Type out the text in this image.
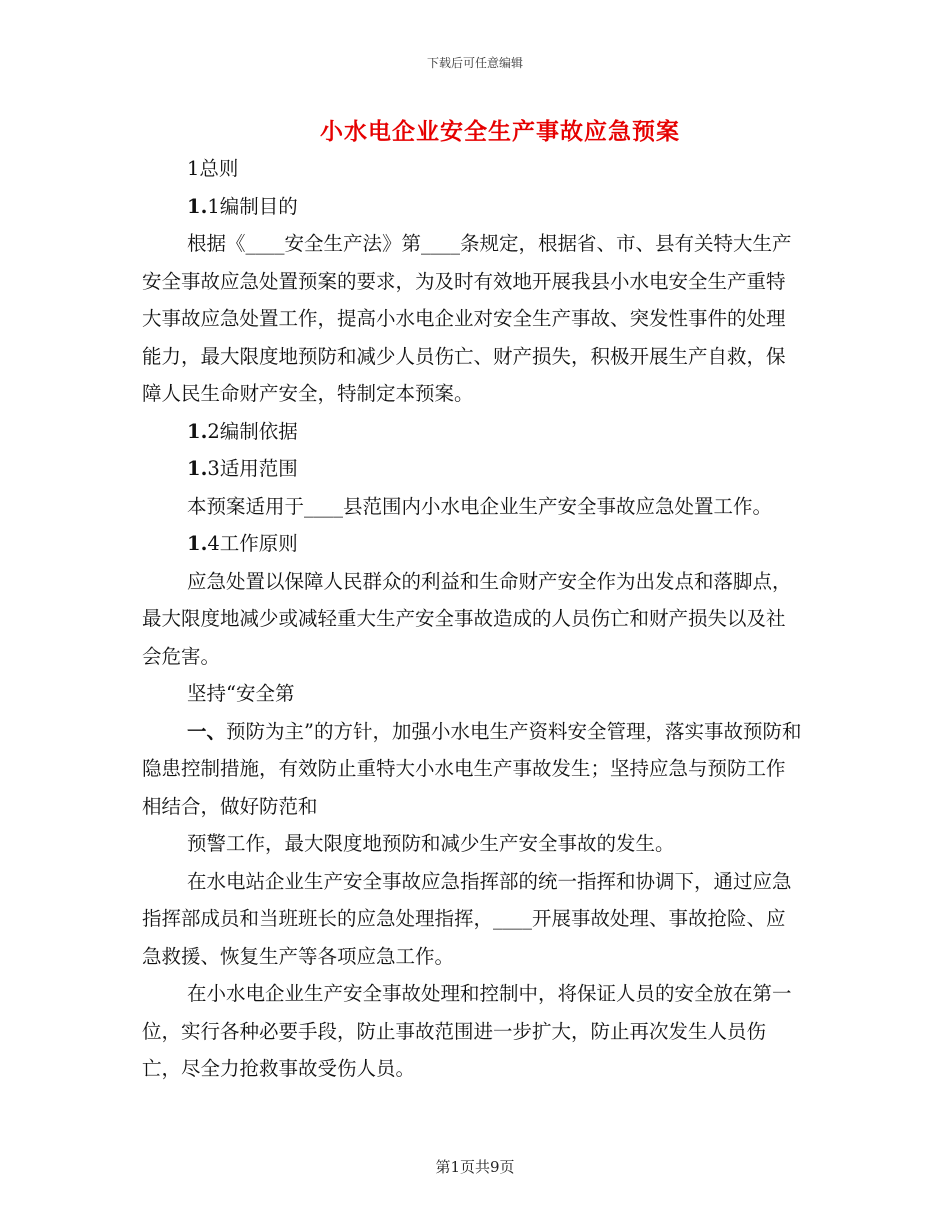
下载后可任意编辑
小水电企业安全生产事故应急预案

1总则

1.1编制目的

根据《____安全生产法》第____条规定，根据省、市、县有关特大生产安全事故应急处置预案的要求，为及时有效地开展我县小水电安全生产重特大事故应急处置工作，提高小水电企业对安全生产事故、突发性事件的处理能力，最大限度地预防和减少人员伤亡、财产损失，积极开展生产自救，保障人民生命财产安全，特制定本预案。

1.2编制依据

1.3适用范围

本预案适用于____县范围内小水电企业生产安全事故应急处置工作。

1.4工作原则

应急处置以保障人民群众的利益和生命财产安全作为出发点和落脚点，最大限度地减少或减轻重大生产安全事故造成的人员伤亡和财产损失以及社会危害。

坚持“安全第

一、预防为主”的方针，加强小水电生产资料安全管理，落实事故预防和隐患控制措施，有效防止重特大小水电生产事故发生；坚持应急与预防工作相结合，做好防范和

预警工作，最大限度地预防和减少生产安全事故的发生。

在水电站企业生产安全事故应急指挥部的统一指挥和协调下，通过应急指挥部成员和当班班长的应急处理指挥，____开展事故处理、事故抢险、应急救援、恢复生产等各项应急工作。

在小水电企业生产安全事故处理和控制中，将保证人员的安全放在第一位，实行各种必要手段，防止事故范围进一步扩大，防止再次发生人员伤亡，尽全力抢救事故受伤人员。

第1页共9页
